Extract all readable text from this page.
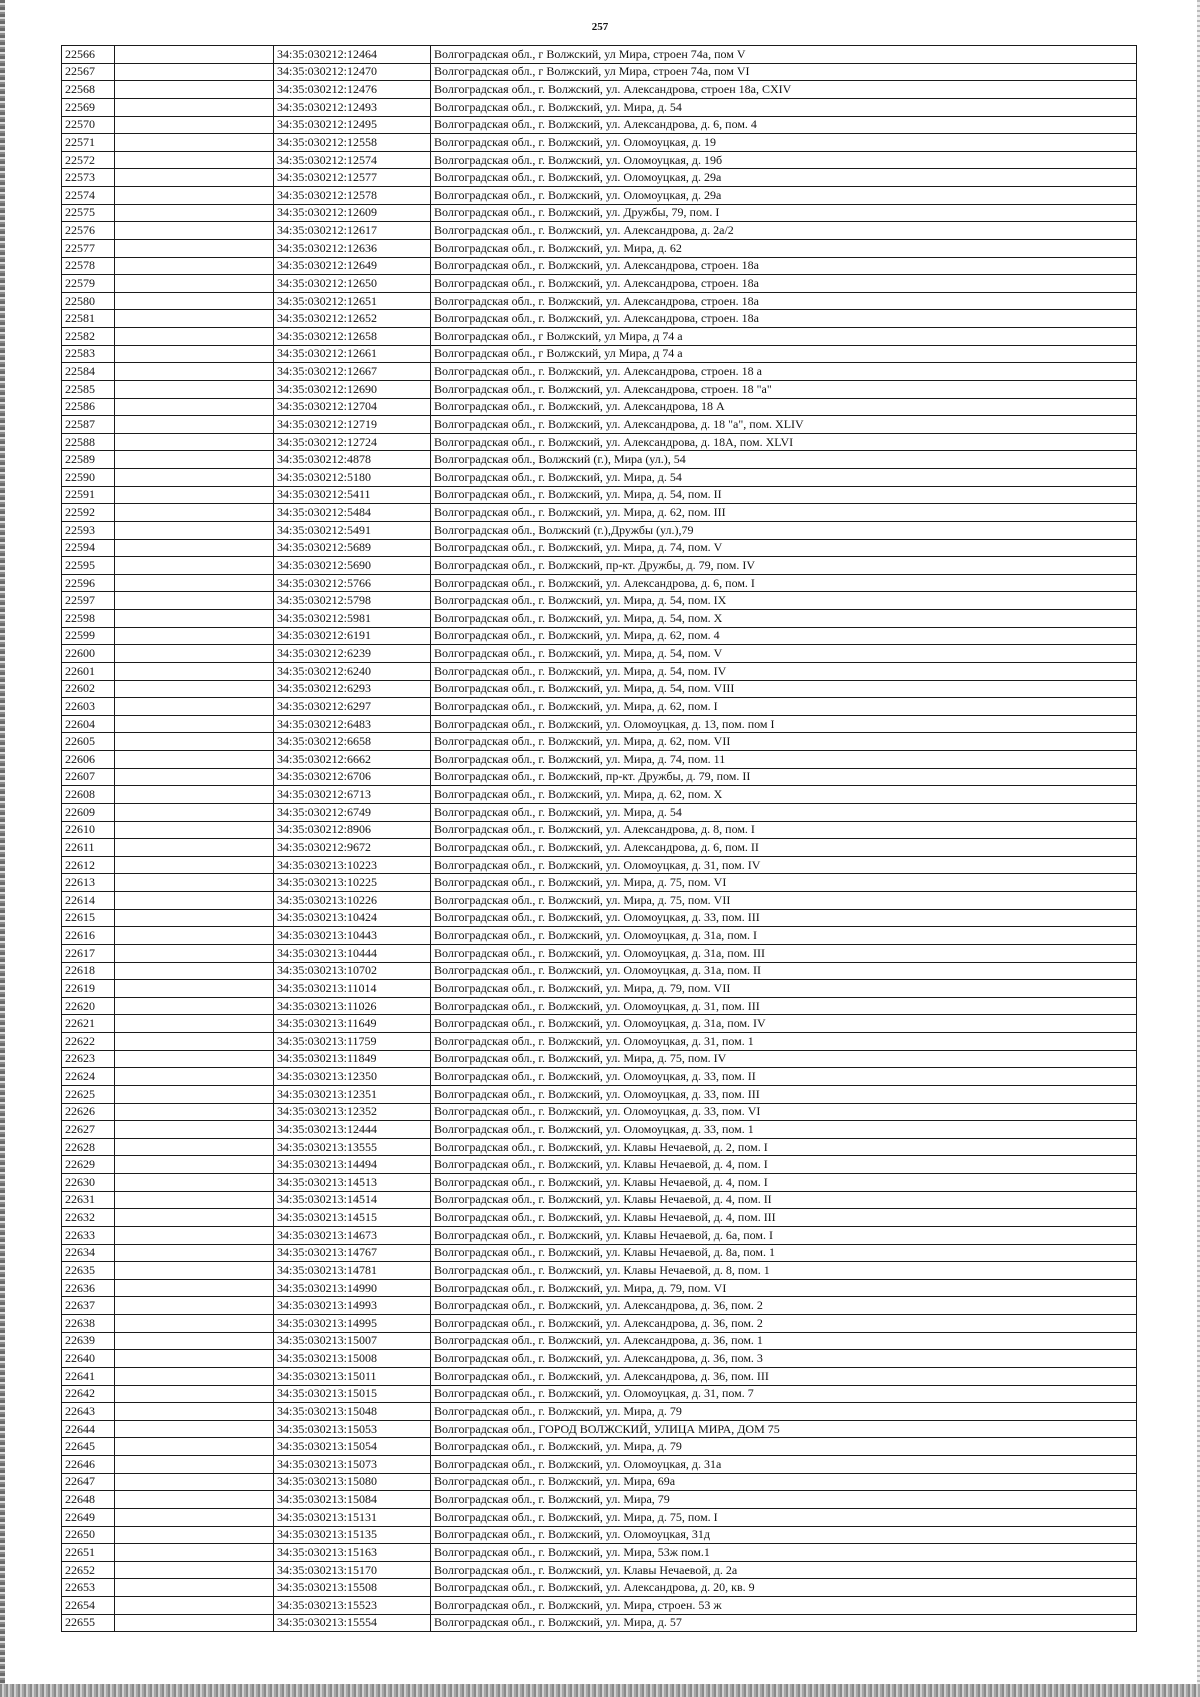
257
22566		34:35:030212:12464	Волгоградская обл., г Волжский, ул Мира, строен 74а, пом V
22567		34:35:030212:12470	Волгоградская обл., г Волжский, ул Мира, строен 74а, пом VI
22568		34:35:030212:12476	Волгоградская обл., г. Волжский, ул. Александрова, строен 18а, CXIV
22569		34:35:030212:12493	Волгоградская обл., г. Волжский, ул. Мира, д. 54
22570		34:35:030212:12495	Волгоградская обл., г. Волжский, ул. Александрова, д. 6, пом. 4
22571		34:35:030212:12558	Волгоградская обл., г. Волжский, ул. Оломоуцкая, д. 19
22572		34:35:030212:12574	Волгоградская обл., г. Волжский, ул. Оломоуцкая, д. 19б
22573		34:35:030212:12577	Волгоградская обл., г. Волжский, ул. Оломоуцкая, д. 29а
22574		34:35:030212:12578	Волгоградская обл., г. Волжский, ул. Оломоуцкая, д. 29а
22575		34:35:030212:12609	Волгоградская обл., г. Волжский, ул. Дружбы, 79, пом. I
22576		34:35:030212:12617	Волгоградская обл., г. Волжский, ул. Александрова, д. 2а/2
22577		34:35:030212:12636	Волгоградская обл., г. Волжский, ул. Мира, д. 62
22578		34:35:030212:12649	Волгоградская обл., г. Волжский, ул. Александрова, строен. 18а
22579		34:35:030212:12650	Волгоградская обл., г. Волжский, ул. Александрова, строен. 18а
22580		34:35:030212:12651	Волгоградская обл., г. Волжский, ул. Александрова, строен. 18а
22581		34:35:030212:12652	Волгоградская обл., г. Волжский, ул. Александрова, строен. 18а
22582		34:35:030212:12658	Волгоградская обл., г Волжский, ул Мира, д 74 а
22583		34:35:030212:12661	Волгоградская обл., г Волжский, ул Мира, д 74 а
22584		34:35:030212:12667	Волгоградская обл., г. Волжский, ул. Александрова, строен. 18 а
22585		34:35:030212:12690	Волгоградская обл., г. Волжский, ул. Александрова, строен. 18 "а"
22586		34:35:030212:12704	Волгоградская обл., г. Волжский, ул. Александрова, 18 А
22587		34:35:030212:12719	Волгоградская обл., г. Волжский, ул. Александрова, д. 18 "а", пом. XLIV
22588		34:35:030212:12724	Волгоградская обл., г. Волжский, ул. Александрова, д. 18А, пом. XLVI
22589		34:35:030212:4878	Волгоградская обл., Волжский (г.), Мира (ул.), 54
22590		34:35:030212:5180	Волгоградская обл., г. Волжский, ул. Мира, д. 54
22591		34:35:030212:5411	Волгоградская обл., г. Волжский, ул. Мира, д. 54, пом. II
22592		34:35:030212:5484	Волгоградская обл., г. Волжский, ул. Мира, д. 62, пом. III
22593		34:35:030212:5491	Волгоградская обл., Волжский (г.),Дружбы (ул.),79
22594		34:35:030212:5689	Волгоградская обл., г. Волжский, ул. Мира, д. 74, пом. V
22595		34:35:030212:5690	Волгоградская обл., г. Волжский, пр-кт. Дружбы, д. 79, пом. IV
22596		34:35:030212:5766	Волгоградская обл., г. Волжский, ул. Александрова, д. 6, пом. I
22597		34:35:030212:5798	Волгоградская обл., г. Волжский, ул. Мира, д. 54, пом. IX
22598		34:35:030212:5981	Волгоградская обл., г. Волжский, ул. Мира, д. 54, пом. X
22599		34:35:030212:6191	Волгоградская обл., г. Волжский, ул. Мира, д. 62, пом. 4
22600		34:35:030212:6239	Волгоградская обл., г. Волжский, ул. Мира, д. 54, пом. V
22601		34:35:030212:6240	Волгоградская обл., г. Волжский, ул. Мира, д. 54, пом. IV
22602		34:35:030212:6293	Волгоградская обл., г. Волжский, ул. Мира, д. 54, пом. VIII
22603		34:35:030212:6297	Волгоградская обл., г. Волжский, ул. Мира, д. 62, пом. I
22604		34:35:030212:6483	Волгоградская обл., г. Волжский, ул. Оломоуцкая, д. 13, пом. пом I
22605		34:35:030212:6658	Волгоградская обл., г. Волжский, ул. Мира, д. 62, пом. VII
22606		34:35:030212:6662	Волгоградская обл., г. Волжский, ул. Мира, д. 74, пом. 11
22607		34:35:030212:6706	Волгоградская обл., г. Волжский, пр-кт. Дружбы, д. 79, пом. II
22608		34:35:030212:6713	Волгоградская обл., г. Волжский, ул. Мира, д. 62, пом. X
22609		34:35:030212:6749	Волгоградская обл., г. Волжский, ул. Мира, д. 54
22610		34:35:030212:8906	Волгоградская обл., г. Волжский, ул. Александрова, д. 8, пом. I
22611		34:35:030212:9672	Волгоградская обл., г. Волжский, ул. Александрова, д. 6, пом. II
22612		34:35:030213:10223	Волгоградская обл., г. Волжский, ул. Оломоуцкая, д. 31, пом. IV
22613		34:35:030213:10225	Волгоградская обл., г. Волжский, ул. Мира, д. 75, пом. VI
22614		34:35:030213:10226	Волгоградская обл., г. Волжский, ул. Мира, д. 75, пом. VII
22615		34:35:030213:10424	Волгоградская обл., г. Волжский, ул. Оломоуцкая, д. 33, пом. III
22616		34:35:030213:10443	Волгоградская обл., г. Волжский, ул. Оломоуцкая, д. 31а, пом. I
22617		34:35:030213:10444	Волгоградская обл., г. Волжский, ул. Оломоуцкая, д. 31а, пом. III
22618		34:35:030213:10702	Волгоградская обл., г. Волжский, ул. Оломоуцкая, д. 31а, пом. II
22619		34:35:030213:11014	Волгоградская обл., г. Волжский, ул. Мира, д. 79, пом. VII
22620		34:35:030213:11026	Волгоградская обл., г. Волжский, ул. Оломоуцкая, д. 31, пом. III
22621		34:35:030213:11649	Волгоградская обл., г. Волжский, ул. Оломоуцкая, д. 31а, пом. IV
22622		34:35:030213:11759	Волгоградская обл., г. Волжский, ул. Оломоуцкая, д. 31, пом. 1
22623		34:35:030213:11849	Волгоградская обл., г. Волжский, ул. Мира, д. 75, пом. IV
22624		34:35:030213:12350	Волгоградская обл., г. Волжский, ул. Оломоуцкая, д. 33, пом. II
22625		34:35:030213:12351	Волгоградская обл., г. Волжский, ул. Оломоуцкая, д. 33, пом. III
22626		34:35:030213:12352	Волгоградская обл., г. Волжский, ул. Оломоуцкая, д. 33, пом. VI
22627		34:35:030213:12444	Волгоградская обл., г. Волжский, ул. Оломоуцкая, д. 33, пом. 1
22628		34:35:030213:13555	Волгоградская обл., г. Волжский, ул. Клавы Нечаевой, д. 2, пом. I
22629		34:35:030213:14494	Волгоградская обл., г. Волжский, ул. Клавы Нечаевой, д. 4, пом. I
22630		34:35:030213:14513	Волгоградская обл., г. Волжский, ул. Клавы Нечаевой, д. 4, пом. I
22631		34:35:030213:14514	Волгоградская обл., г. Волжский, ул. Клавы Нечаевой, д. 4, пом. II
22632		34:35:030213:14515	Волгоградская обл., г. Волжский, ул. Клавы Нечаевой, д. 4, пом. III
22633		34:35:030213:14673	Волгоградская обл., г. Волжский, ул. Клавы Нечаевой, д. 6а, пом. I
22634		34:35:030213:14767	Волгоградская обл., г. Волжский, ул. Клавы Нечаевой, д. 8а, пом. 1
22635		34:35:030213:14781	Волгоградская обл., г. Волжский, ул. Клавы Нечаевой, д. 8, пом. 1
22636		34:35:030213:14990	Волгоградская обл., г. Волжский, ул. Мира, д. 79, пом. VI
22637		34:35:030213:14993	Волгоградская обл., г. Волжский, ул. Александрова, д. 36, пом. 2
22638		34:35:030213:14995	Волгоградская обл., г. Волжский, ул. Александрова, д. 36, пом. 2
22639		34:35:030213:15007	Волгоградская обл., г. Волжский, ул. Александрова, д. 36, пом. 1
22640		34:35:030213:15008	Волгоградская обл., г. Волжский, ул. Александрова, д. 36, пом. 3
22641		34:35:030213:15011	Волгоградская обл., г. Волжский, ул. Александрова, д. 36, пом. III
22642		34:35:030213:15015	Волгоградская обл., г. Волжский, ул. Оломоуцкая, д. 31, пом. 7
22643		34:35:030213:15048	Волгоградская обл., г. Волжский, ул. Мира, д. 79
22644		34:35:030213:15053	Волгоградская обл., ГОРОД ВОЛЖСКИЙ, УЛИЦА МИРА, ДОМ 75
22645		34:35:030213:15054	Волгоградская обл., г. Волжский, ул. Мира, д. 79
22646		34:35:030213:15073	Волгоградская обл., г. Волжский, ул. Оломоуцкая, д. 31а
22647		34:35:030213:15080	Волгоградская обл., г. Волжский, ул. Мира, 69а
22648		34:35:030213:15084	Волгоградская обл., г. Волжский, ул. Мира, 79
22649		34:35:030213:15131	Волгоградская обл., г. Волжский, ул. Мира, д. 75, пом. I
22650		34:35:030213:15135	Волгоградская обл., г. Волжский, ул. Оломоуцкая, 31д
22651		34:35:030213:15163	Волгоградская обл., г. Волжский, ул. Мира, 53ж пом.1
22652		34:35:030213:15170	Волгоградская обл., г. Волжский, ул. Клавы Нечаевой, д. 2а
22653		34:35:030213:15508	Волгоградская обл., г. Волжский, ул. Александрова, д. 20, кв. 9
22654		34:35:030213:15523	Волгоградская обл., г. Волжский, ул. Мира, строен. 53 ж
22655		34:35:030213:15554	Волгоградская обл., г. Волжский, ул. Мира, д. 57
